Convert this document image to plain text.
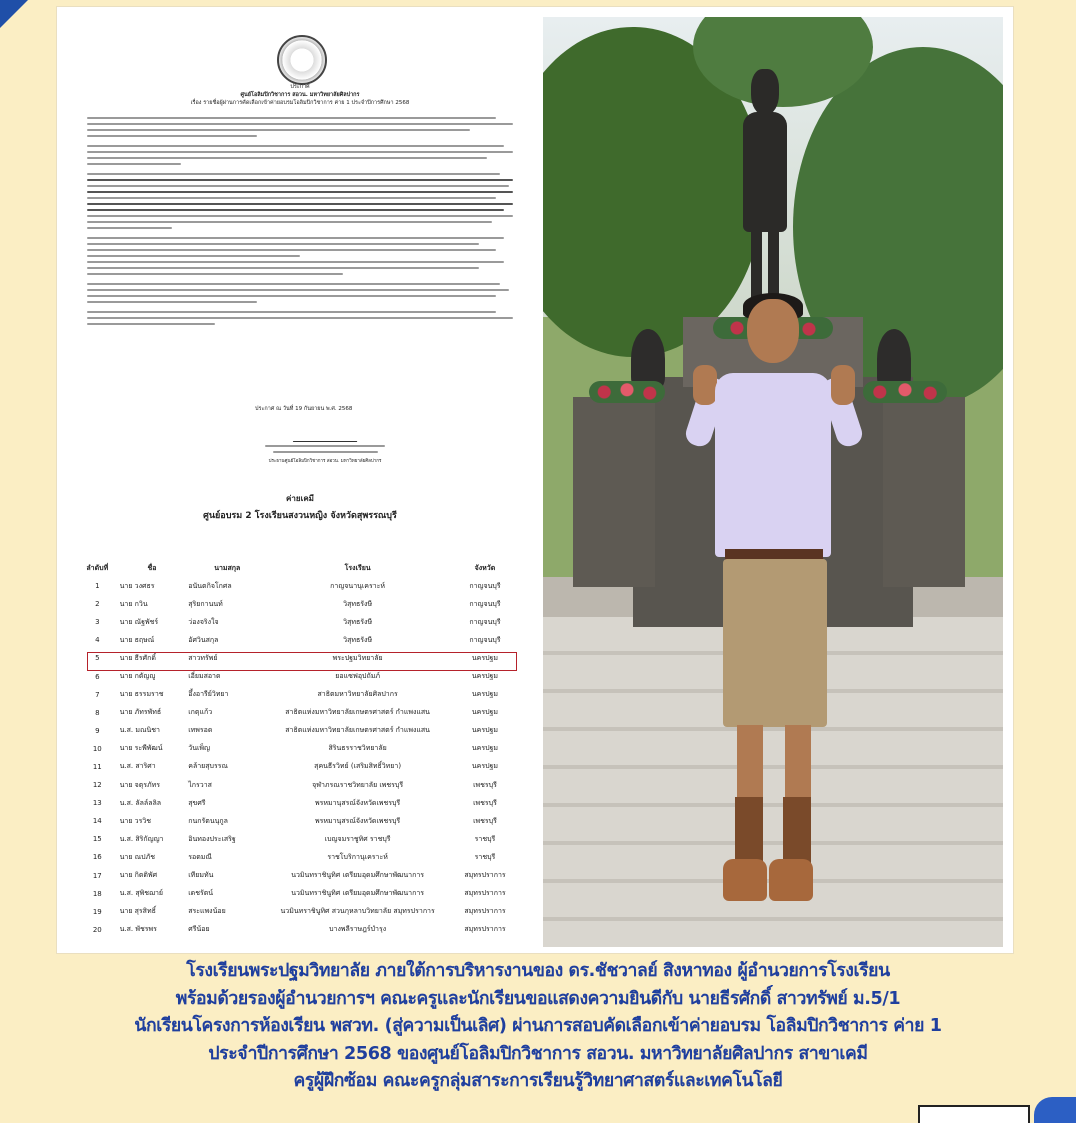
ประกาศ
ศูนย์โอลิมปิกวิชาการ สอวน. มหาวิทยาลัยศิลปากร
เรื่อง รายชื่อผู้ผ่านการคัดเลือกเข้าค่ายอบรมโอลิมปิกวิชาการ ค่าย 1 ประจำปีการศึกษา 2568
ประกาศ ณ วันที่ 19 กันยายน พ.ศ. 2568
ประธานศูนย์โอลิมปิกวิชาการ สอวน. มหาวิทยาลัยศิลปากร
ค่ายเคมี
ศูนย์อบรม 2 โรงเรียนสงวนหญิง จังหวัดสุพรรณบุรี
ลำดับที่	ชื่อ	นามสกุล	โรงเรียน	จังหวัด
1	นาย วงศธร	อนันตกิจโกศล	กาญจนานุเคราะห์	กาญจนบุรี
2	นาย กวิน	สุริยกานนท์	วิสุทธรังษี	กาญจนบุรี
3	นาย ณัฐพัชร์	ว่องจริงใจ	วิสุทธรังษี	กาญจนบุรี
4	นาย ธฤษณ์	อัศวินสกุล	วิสุทธรังษี	กาญจนบุรี
5	นาย ธีรศักดิ์	สาวทรัพย์	พระปฐมวิทยาลัย	นครปฐม
6	นาย กตัญญู	เอี่ยมสอาด	ยอแซฟอุปถัมภ์	นครปฐม
7	นาย ธรรมราช	อึ้งอารีย์วิทยา	สาธิตมหาวิทยาลัยศิลปากร	นครปฐม
8	นาย ภัทรพัทธ์	เกตุแก้ว	สาธิตแห่งมหาวิทยาลัยเกษตรศาสตร์ กำแพงแสน	นครปฐม
9	น.ส. มณนิชา	เทพรอด	สาธิตแห่งมหาวิทยาลัยเกษตรศาสตร์ กำแพงแสน	นครปฐม
10	นาย ระพีพัฒน์	วันเพ็ญ	สิรินธรราชวิทยาลัย	นครปฐม
11	น.ส. สาริศา	คล้ายสุบรรณ	สุคนธีรวิทย์ (เสริมสิทธิ์วิทยา)	นครปฐม
12	นาย จตุรภัทร	ไกรวาส	จุฬาภรณราชวิทยาลัย เพชรบุรี	เพชรบุรี
13	น.ส. ลัลล์ลลิล	สุขศรี	พรหมานุสรณ์จังหวัดเพชรบุรี	เพชรบุรี
14	นาย วรวิช	กนกรัตนนุกูล	พรหมานุสรณ์จังหวัดเพชรบุรี	เพชรบุรี
15	น.ส. สิริกัญญา	อินทองประเสริฐ	เบญจมราชูทิศ ราชบุรี	ราชบุรี
16	นาย ณปภัช	รอดมณี	ราชโบริกานุเคราะห์	ราชบุรี
17	นาย กิตติพัศ	เทียมทัน	นวมินทราชินูทิศ เตรียมอุดมศึกษาพัฒนาการ	สมุทรปราการ
18	น.ส. สุพิชฌาย์	เดชรัตน์	นวมินทราชินูทิศ เตรียมอุดมศึกษาพัฒนาการ	สมุทรปราการ
19	นาย สุรสิทธิ์	สระแพงน้อย	นวมินทราชินูทิศ สวนกุหลาบวิทยาลัย สมุทรปราการ	สมุทรปราการ
20	น.ส. พัชรพร	ศรีน้อย	บางพลีราษฎร์บำรุง	สมุทรปราการ
โรงเรียนพระปฐมวิทยาลัย ภายใต้การบริหารงานของ ดร.ชัชวาลย์ สิงหาทอง ผู้อำนวยการโรงเรียน
พร้อมด้วยรองผู้อำนวยการฯ คณะครูและนักเรียนขอแสดงความยินดีกับ นายธีรศักดิ์ สาวทรัพย์ ม.5/1
นักเรียนโครงการห้องเรียน พสวท. (สู่ความเป็นเลิศ) ผ่านการสอบคัดเลือกเข้าค่ายอบรม โอลิมปิกวิชาการ ค่าย 1
ประจำปีการศึกษา 2568 ของศูนย์โอลิมปิกวิชาการ สอวน. มหาวิทยาลัยศิลปากร สาขาเคมี
ครูผู้ฝึกซ้อม คณะครูกลุ่มสาระการเรียนรู้วิทยาศาสตร์และเทคโนโลยี
